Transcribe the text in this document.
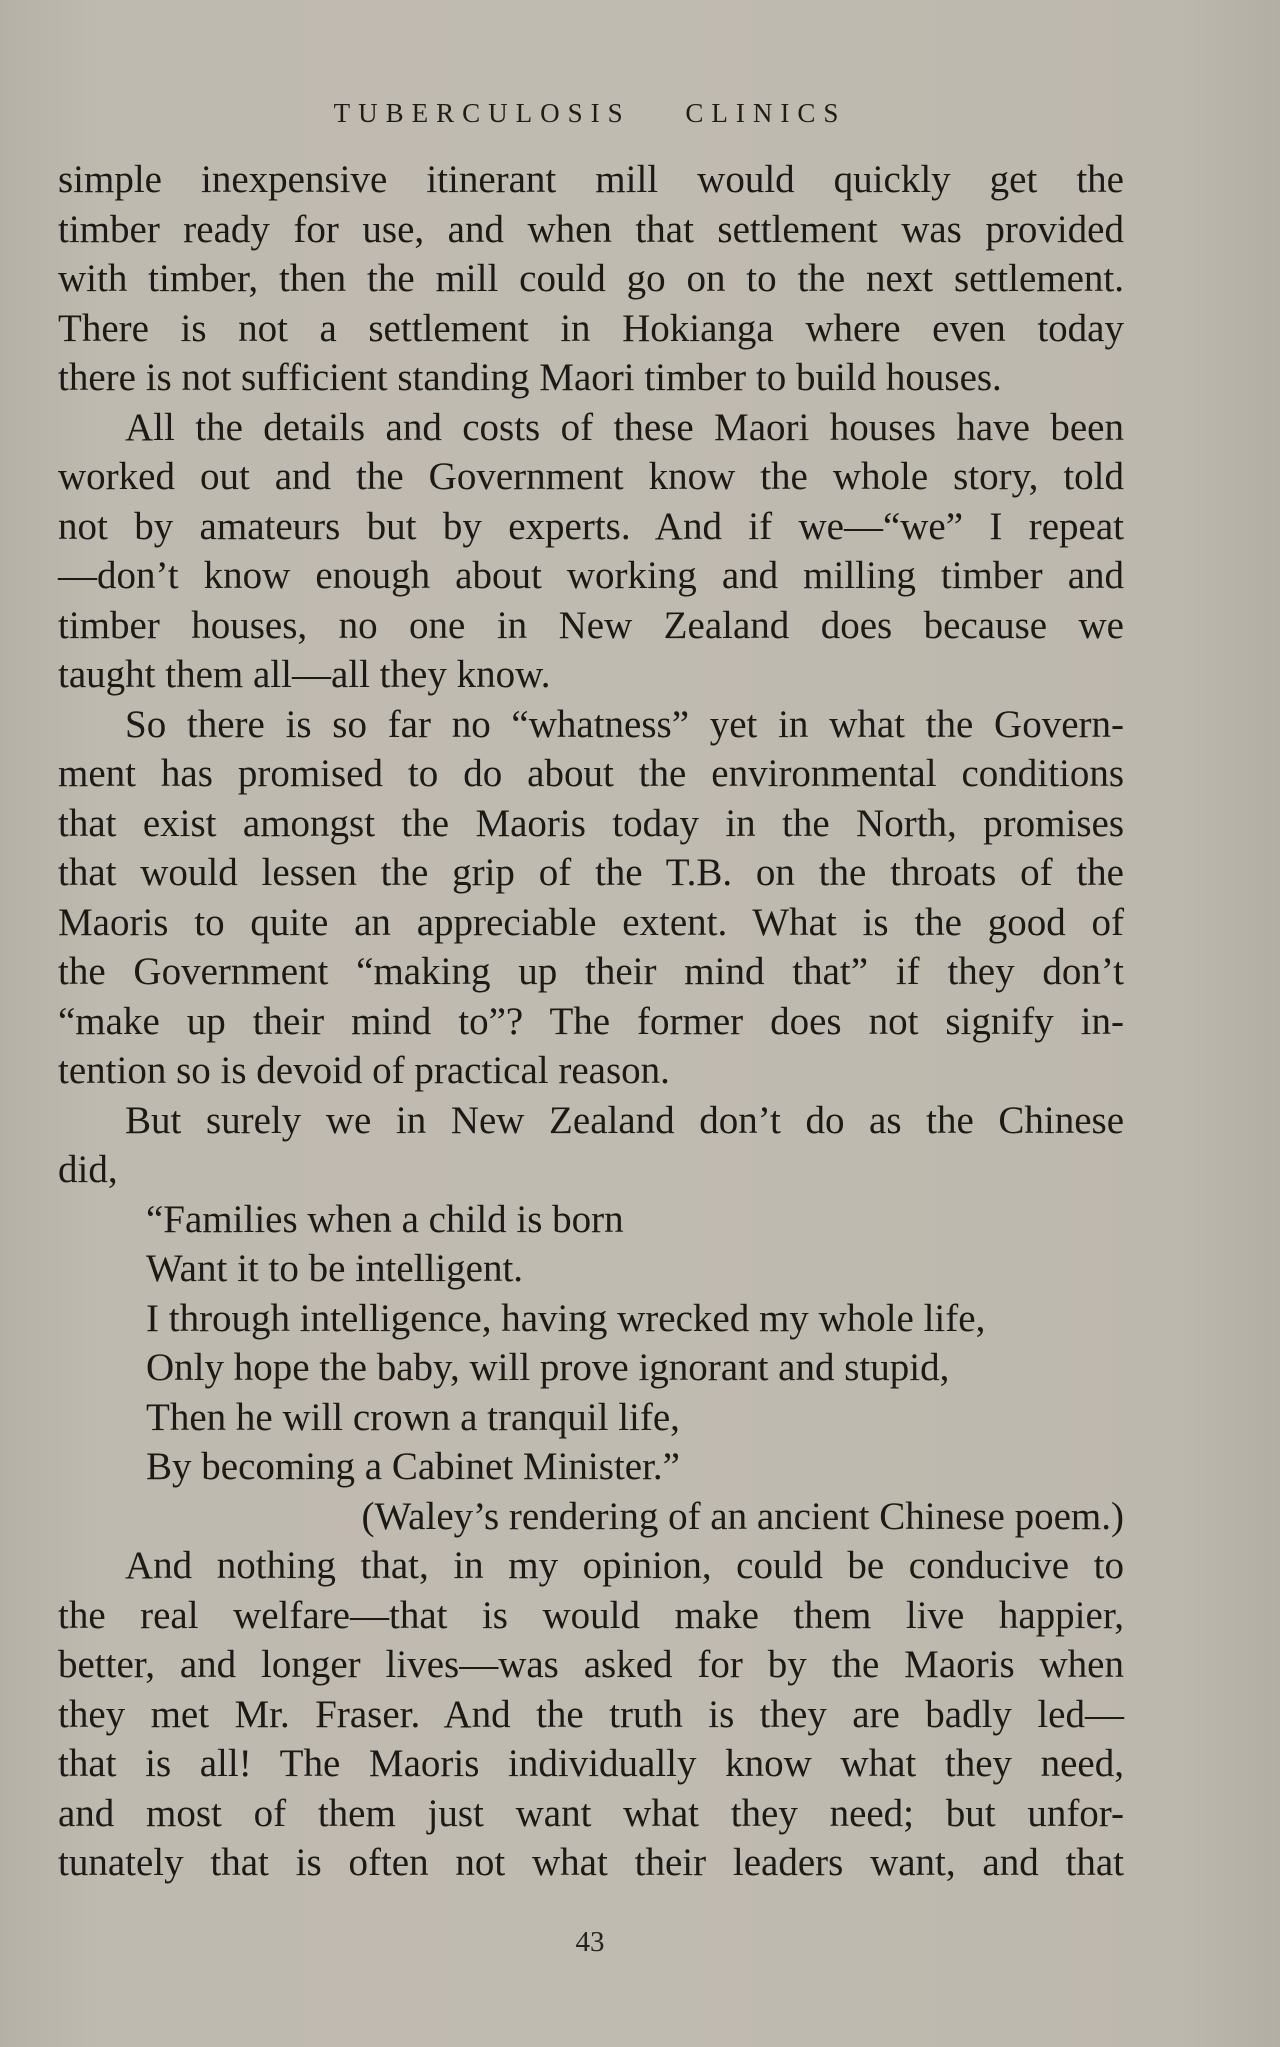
TUBERCULOSIS CLINICS
simple inexpensive itinerant mill would quickly get the
timber ready for use, and when that settlement was provided
with timber, then the mill could go on to the next settlement.
There is not a settlement in Hokianga where even today
there is not sufficient standing Maori timber to build houses.
All the details and costs of these Maori houses have been
worked out and the Government know the whole story, told
not by amateurs but by experts. And if we—“we” I repeat
—don’t know enough about working and milling timber and
timber houses, no one in New Zealand does because we
taught them all—all they know.
So there is so far no “whatness” yet in what the Govern-
ment has promised to do about the environmental conditions
that exist amongst the Maoris today in the North, promises
that would lessen the grip of the T.B. on the throats of the
Maoris to quite an appreciable extent. What is the good of
the Government “making up their mind that” if they don’t
“make up their mind to”? The former does not signify in-
tention so is devoid of practical reason.
But surely we in New Zealand don’t do as the Chinese
did,
“Families when a child is born
Want it to be intelligent.
I through intelligence, having wrecked my whole life,
Only hope the baby, will prove ignorant and stupid,
Then he will crown a tranquil life,
By becoming a Cabinet Minister.”
(Waley’s rendering of an ancient Chinese poem.)
And nothing that, in my opinion, could be conducive to
the real welfare—that is would make them live happier,
better, and longer lives—was asked for by the Maoris when
they met Mr. Fraser. And the truth is they are badly led—
that is all! The Maoris individually know what they need,
and most of them just want what they need; but unfor-
tunately that is often not what their leaders want, and that
43
